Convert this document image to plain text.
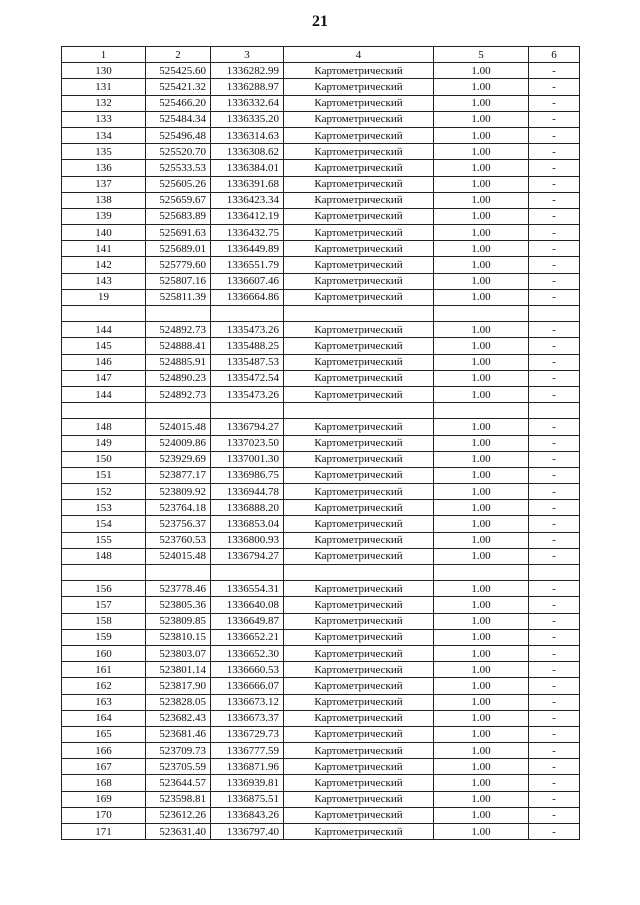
21
1	2	3	4	5	6
130	525425.60	1336282.99	Картометрический	1.00	-
131	525421.32	1336288.97	Картометрический	1.00	-
132	525466.20	1336332.64	Картометрический	1.00	-
133	525484.34	1336335.20	Картометрический	1.00	-
134	525496.48	1336314.63	Картометрический	1.00	-
135	525520.70	1336308.62	Картометрический	1.00	-
136	525533.53	1336384.01	Картометрический	1.00	-
137	525605.26	1336391.68	Картометрический	1.00	-
138	525659.67	1336423.34	Картометрический	1.00	-
139	525683.89	1336412.19	Картометрический	1.00	-
140	525691.63	1336432.75	Картометрический	1.00	-
141	525689.01	1336449.89	Картометрический	1.00	-
142	525779.60	1336551.79	Картометрический	1.00	-
143	525807.16	1336607.46	Картометрический	1.00	-
19	525811.39	1336664.86	Картометрический	1.00	-

144	524892.73	1335473.26	Картометрический	1.00	-
145	524888.41	1335488.25	Картометрический	1.00	-
146	524885.91	1335487.53	Картометрический	1.00	-
147	524890.23	1335472.54	Картометрический	1.00	-
144	524892.73	1335473.26	Картометрический	1.00	-

148	524015.48	1336794.27	Картометрический	1.00	-
149	524009.86	1337023.50	Картометрический	1.00	-
150	523929.69	1337001.30	Картометрический	1.00	-
151	523877.17	1336986.75	Картометрический	1.00	-
152	523809.92	1336944.78	Картометрический	1.00	-
153	523764.18	1336888.20	Картометрический	1.00	-
154	523756.37	1336853.04	Картометрический	1.00	-
155	523760.53	1336800.93	Картометрический	1.00	-
148	524015.48	1336794.27	Картометрический	1.00	-

156	523778.46	1336554.31	Картометрический	1.00	-
157	523805.36	1336640.08	Картометрический	1.00	-
158	523809.85	1336649.87	Картометрический	1.00	-
159	523810.15	1336652.21	Картометрический	1.00	-
160	523803.07	1336652.30	Картометрический	1.00	-
161	523801.14	1336660.53	Картометрический	1.00	-
162	523817.90	1336666.07	Картометрический	1.00	-
163	523828.05	1336673.12	Картометрический	1.00	-
164	523682.43	1336673.37	Картометрический	1.00	-
165	523681.46	1336729.73	Картометрический	1.00	-
166	523709.73	1336777.59	Картометрический	1.00	-
167	523705.59	1336871.96	Картометрический	1.00	-
168	523644.57	1336939.81	Картометрический	1.00	-
169	523598.81	1336875.51	Картометрический	1.00	-
170	523612.26	1336843.26	Картометрический	1.00	-
171	523631.40	1336797.40	Картометрический	1.00	-
